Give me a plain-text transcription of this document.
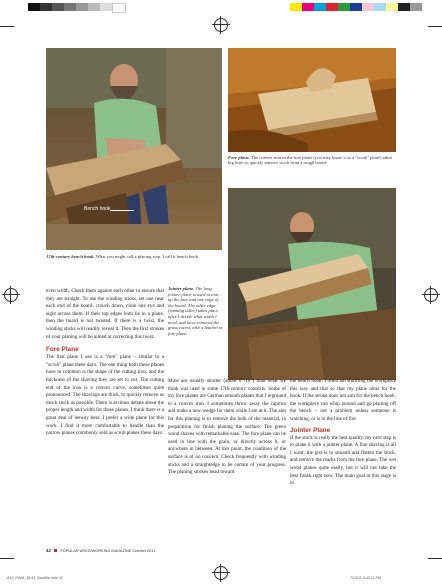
Bench hook
17th-century bench hook. What you might call a planing stop. I call it bench hook.
Fore plane. The convex iron in the fore plane (you may know it as a "scrub" plane) takes big bites to quickly remove stock from a rough board.
Jointer plane. The long jointer plane is used to true up the face and one edge of the board. The other edge (running taller) takes place after I decide what width I need, and have removed the gross excess with a hatchet or fore plane.
even width. Check them against each other to ensure that they are straight. To use the winding sticks, set one near each end of the board, crouch down, close one eye and sight across them. If their top edges both lie in a plane, then the board is not twisted. If there is a twist, the winding sticks will readily reveal it. Then the first strokes of your planing will be aimed at correcting this twist.
Fore Plane
The first plane I use is a "fore" plane – similar to a "scrub" plane these days. The one thing both these planes have in common is the shape of the cutting iron, and the thickness of the shaving they are set to cut. The cutting end of the iron is a convex curve, sometimes quite pronounced. The shavings are thick, to quickly remove as much stock as possible. There is at times debate about the proper length and width for these planes. I think there is a great deal of leeway here. I prefer a wide plane for this work. I find it more comfortable to handle than the narrow planes commonly sold as scrub planes these days.
Mine are usually shorter (about 8"-10") than what we think was used in some 17th-century contexts. Some of my fore planes are German smooth planes that I reground to a convex iron. I sometimes throw away the capiron and make a new wedge for them while I am at it. The aim for this planing is to remove the bulk of the material, in preparation for finish planing the surface. The green wood shaves with remarkable ease. The fore plane can be used in line with the grain, or directly across it, or anywhere in between. At this point, the condition of the surface is of no concern. Check frequently with winding sticks and a straightedge to be certain of your progress. The planing strokes head toward
the bench hook. I often am shuffling the workpiece this way and that so that my plane aims for the hook. If the stroke does not aim for the bench hook, the workpiece can whip around and go planing off the bench – not a problem unless someone is watching, or is in the line of fire.
Jointer Plane
If the stock is really the best quality, my next step is to plane it with a jointer plane. A fine shaving is all I want; the gist is to smooth and flatten the stock, and remove the marks from the fore plane. The wet wood planes quite easily, but it will not take the best finish right now. The main goal at this stage is to
42 POPULAR WOODWORKING MAGAZINE October 2011
1110_PWM_38-43_Backfile.indd 42	7/13/11 3:40:11 PM
